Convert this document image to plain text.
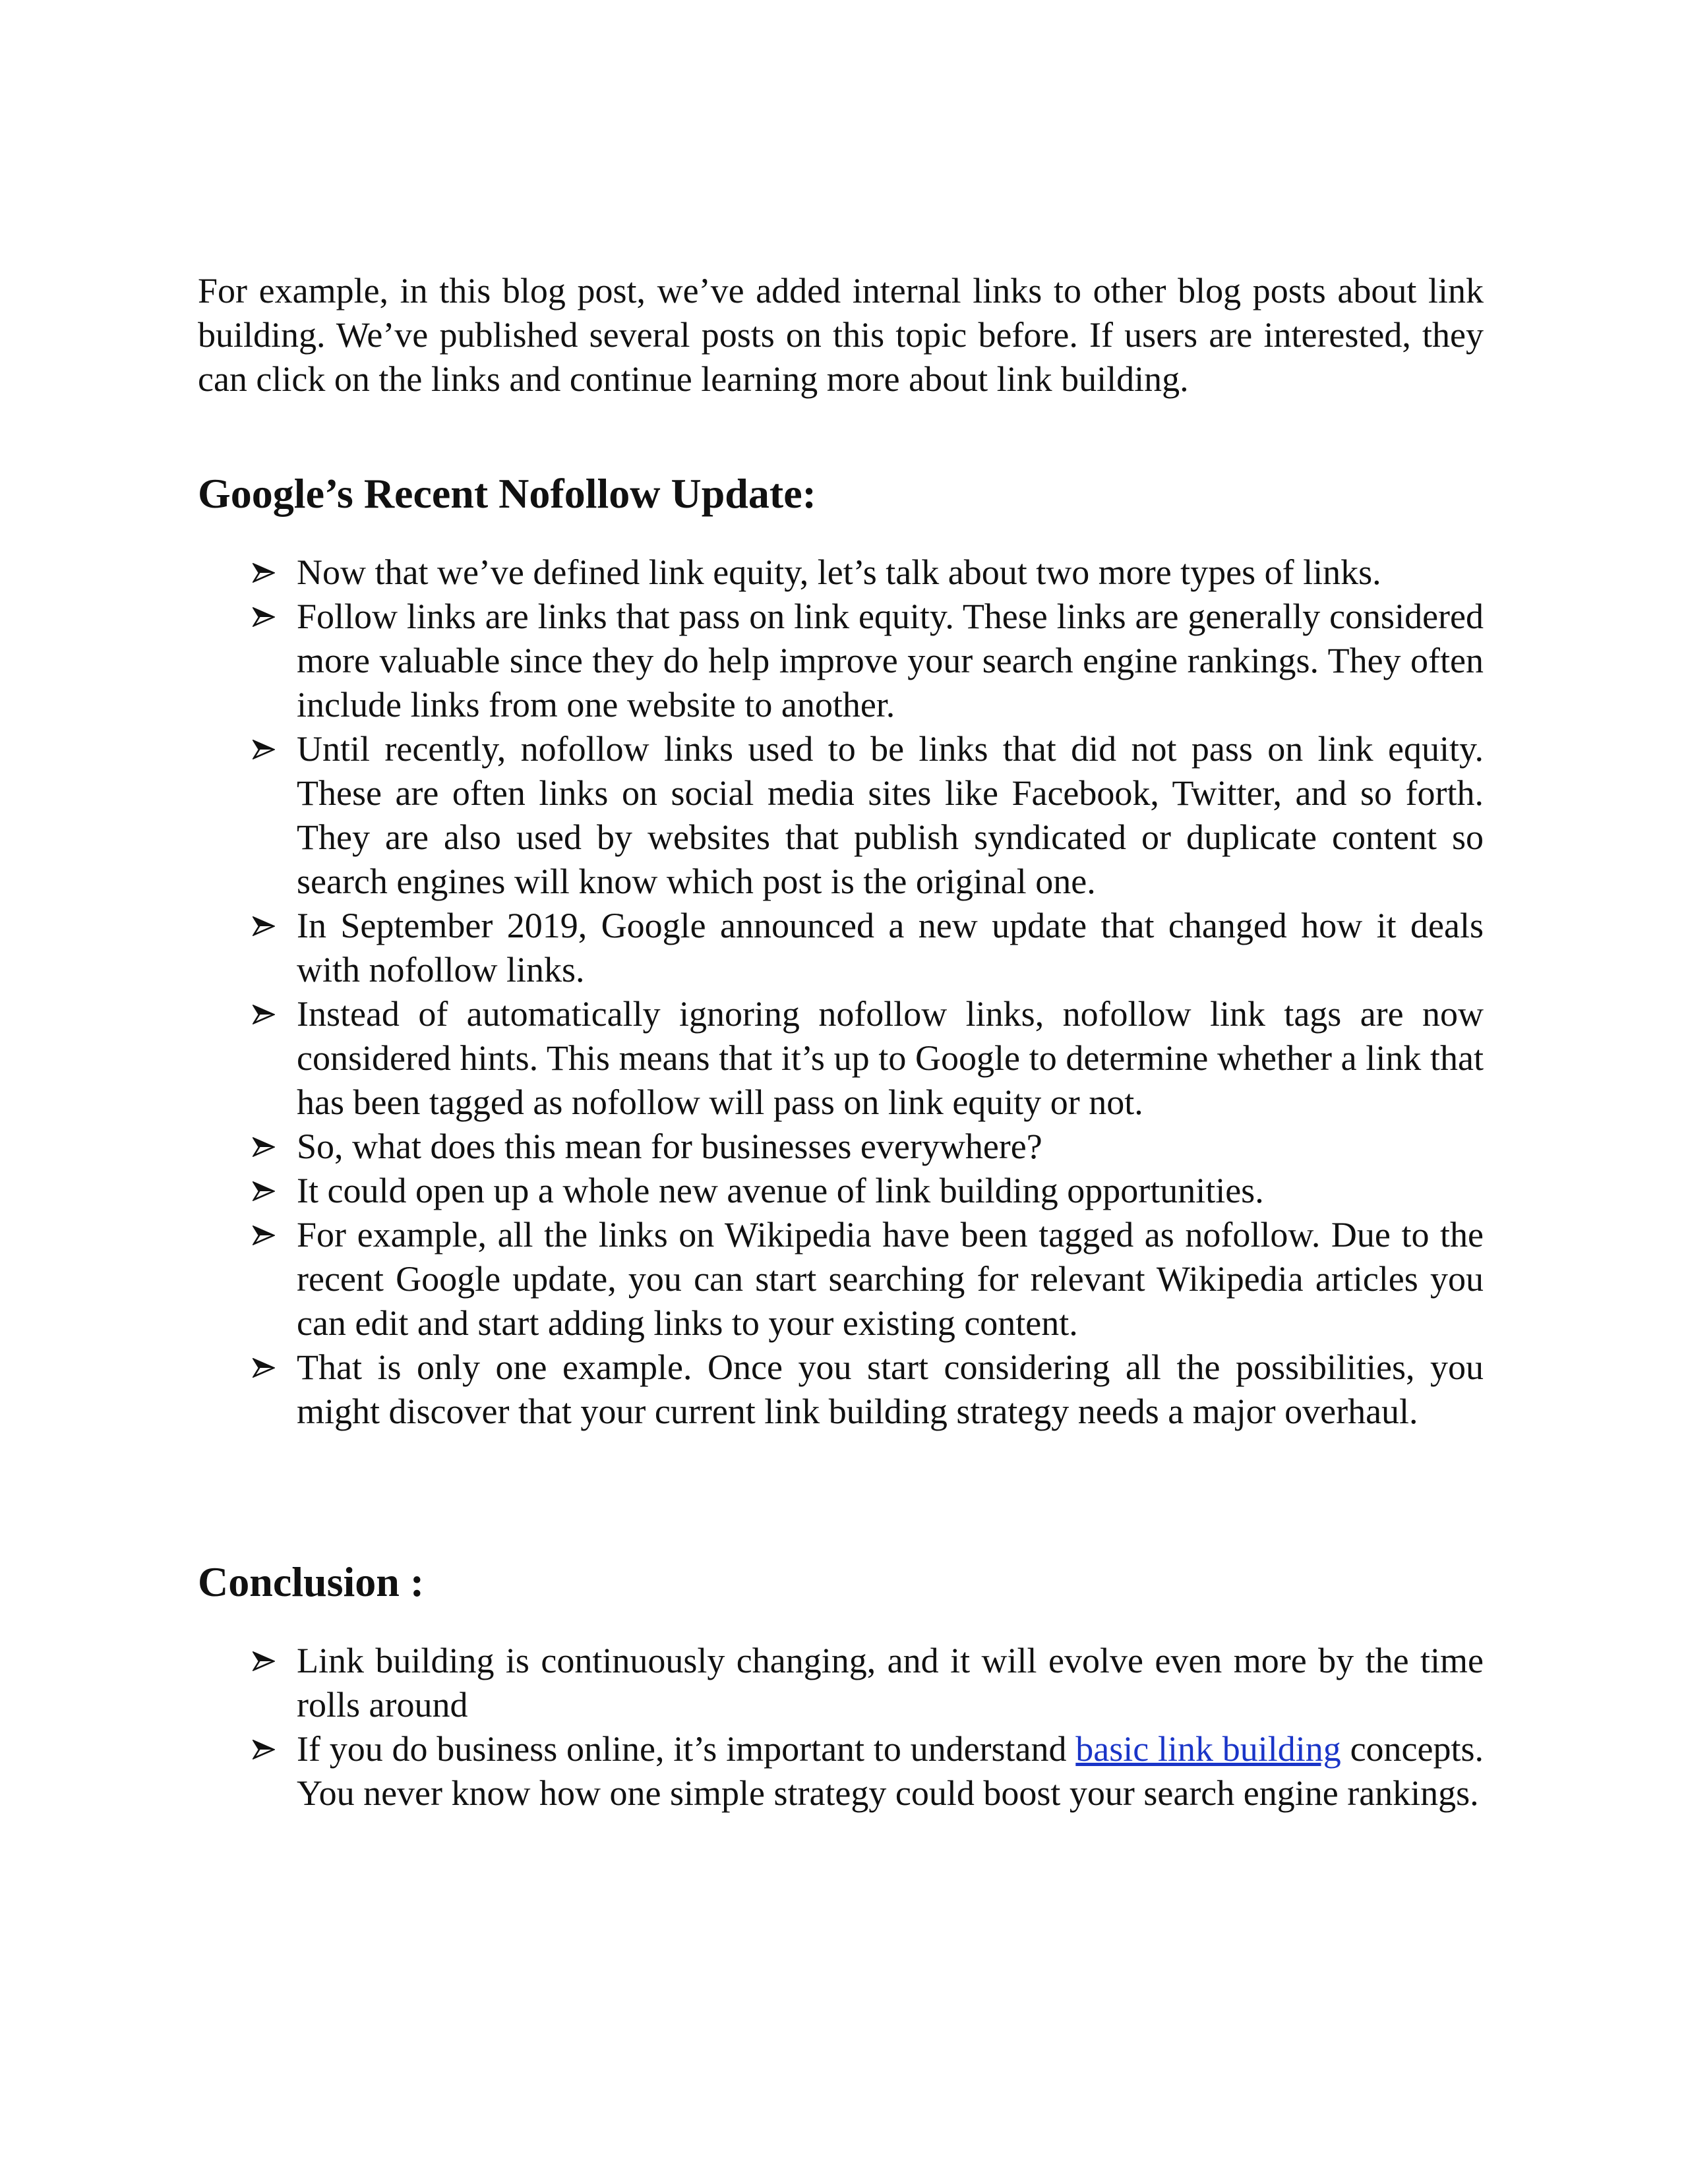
For example, in this blog post, we’ve added internal links to other blog posts about link building. We’ve published several posts on this topic before. If users are interested, they can click on the links and continue learning more about link building.

Google’s Recent Nofollow Update:
Now that we’ve defined link equity, let’s talk about two more types of links.
Follow links are links that pass on link equity. These links are generally considered more valuable since they do help improve your search engine rankings. They often include links from one website to another.
Until recently, nofollow links used to be links that did not pass on link equity. These are often links on social media sites like Facebook, Twitter, and so forth. They are also used by websites that publish syndicated or duplicate content so search engines will know which post is the original one.
In September 2019, Google announced a new update that changed how it deals with nofollow links.
Instead of automatically ignoring nofollow links, nofollow link tags are now considered hints. This means that it’s up to Google to determine whether a link that has been tagged as nofollow will pass on link equity or not.
So, what does this mean for businesses everywhere?
It could open up a whole new avenue of link building opportunities.
For example, all the links on Wikipedia have been tagged as nofollow. Due to the recent Google update, you can start searching for relevant Wikipedia articles you can edit and start adding links to your existing content.
That is only one example. Once you start considering all the possibilities, you might discover that your current link building strategy needs a major overhaul.
Conclusion :
Link building is continuously changing, and it will evolve even more by the time      rolls around
If you do business online, it’s important to understand basic link building concepts. You never know how one simple strategy could boost your search engine rankings.
